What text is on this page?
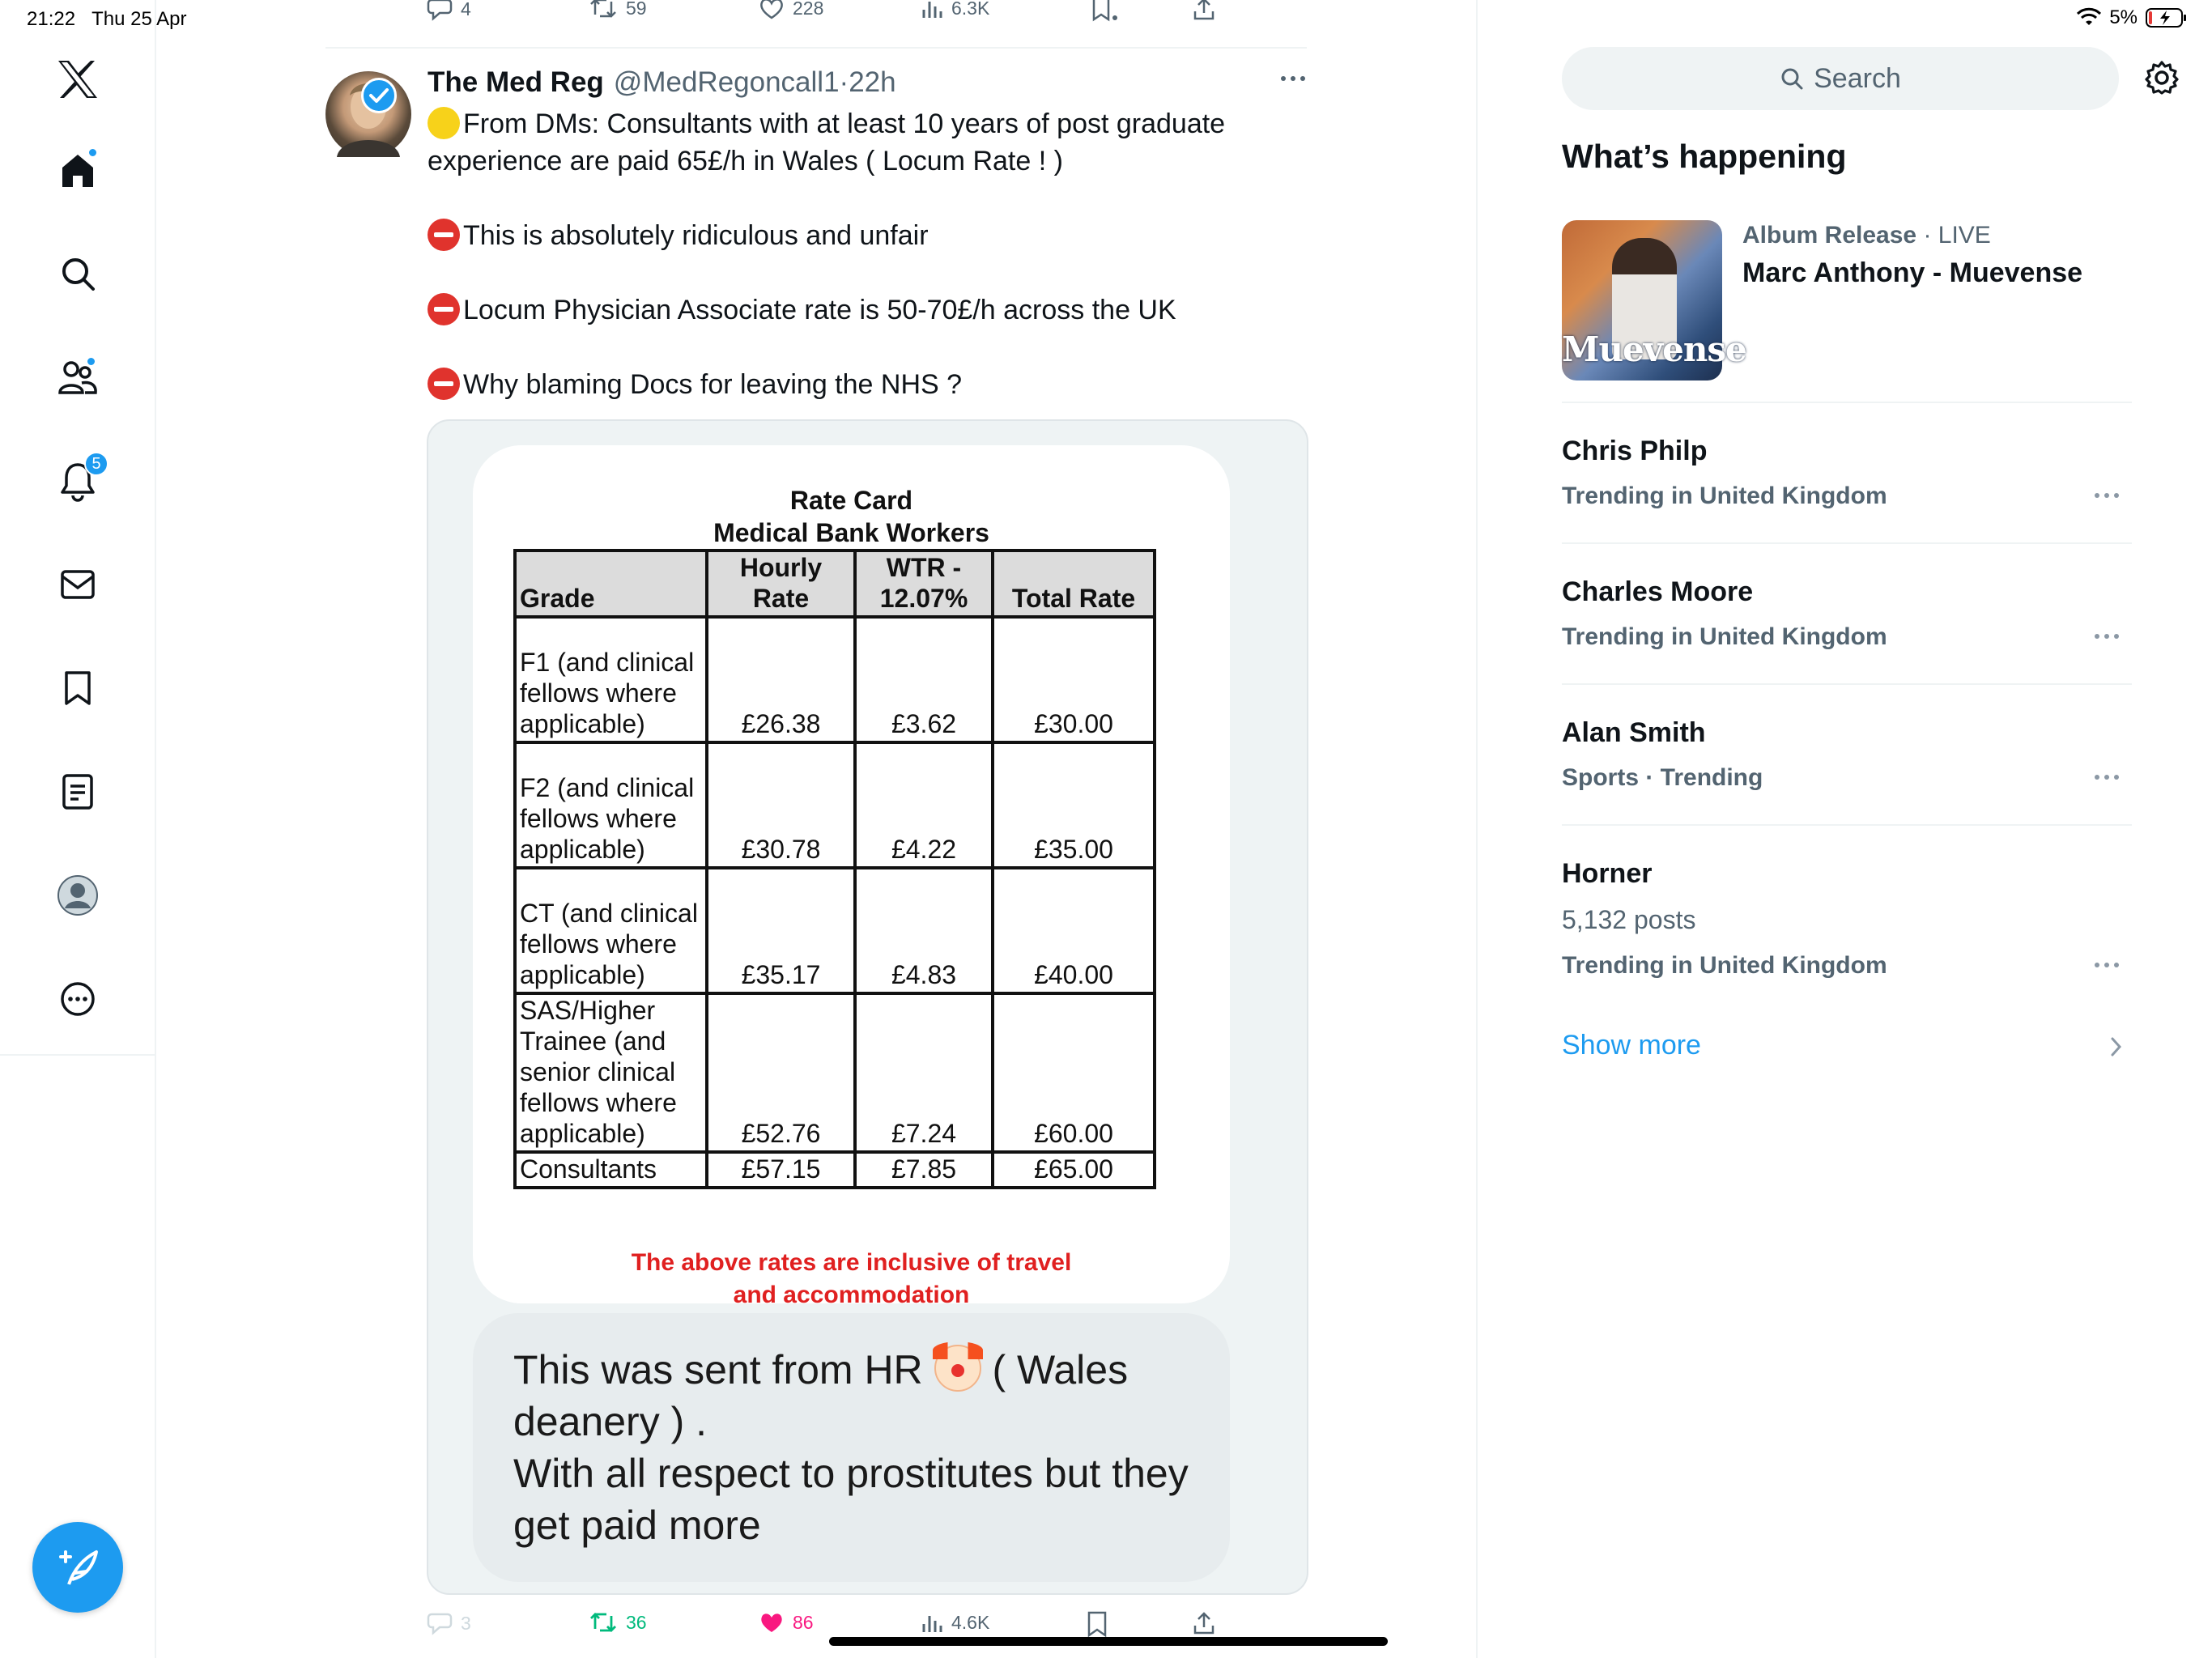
21:22 Thu 25 Apr	5%
5
4	59	228	6.3K
The Med Reg @MedRegoncall1·22h

From DMs: Consultants with at least 10 years of post graduate experience are paid 65£/h in Wales ( Locum Rate ! )

This is absolutely ridiculous and unfair

Locum Physician Associate rate is 50-70£/h across the UK

Why blaming Docs for leaving the NHS ?

Rate Card
Medical Bank Workers
Grade	Hourly Rate	WTR - 12.07%	Total Rate
F1 (and clinical fellows where applicable)	£26.38	£3.62	£30.00
F2 (and clinical fellows where applicable)	£30.78	£4.22	£35.00
CT (and clinical fellows where applicable)	£35.17	£4.83	£40.00
SAS/Higher Trainee (and senior clinical fellows where applicable)	£52.76	£7.24	£60.00
Consultants	£57.15	£7.85	£65.00
The above rates are inclusive of travel and accommodation
This was sent from HR ( Wales deanery ) .
With all respect to prostitutes but they get paid more
3	36	86	4.6K
Search
What’s happening
Muevense
Album Release · LIVE
Marc Anthony - Muevense
Chris Philp
Trending in United Kingdom
Charles Moore
Trending in United Kingdom
Alan Smith
Sports · Trending
Horner
5,132 posts
Trending in United Kingdom
Show more
